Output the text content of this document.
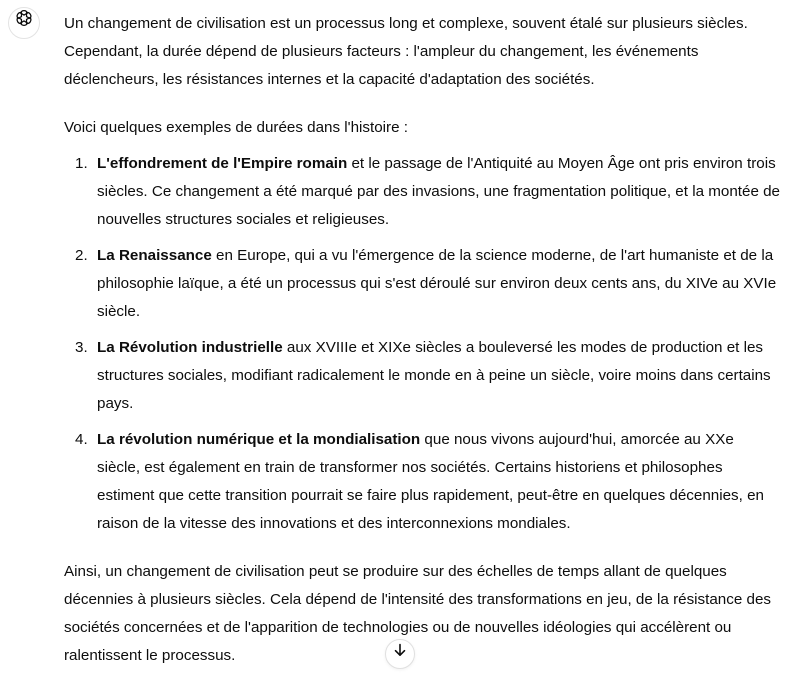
Un changement de civilisation est un processus long et complexe, souvent étalé sur plusieurs siècles. Cependant, la durée dépend de plusieurs facteurs : l'ampleur du changement, les événements déclencheurs, les résistances internes et la capacité d'adaptation des sociétés.

Voici quelques exemples de durées dans l'histoire :

1. L'effondrement de l'Empire romain et le passage de l'Antiquité au Moyen Âge ont pris environ trois siècles. Ce changement a été marqué par des invasions, une fragmentation politique, et la montée de nouvelles structures sociales et religieuses.
2. La Renaissance en Europe, qui a vu l'émergence de la science moderne, de l'art humaniste et de la philosophie laïque, a été un processus qui s'est déroulé sur environ deux cents ans, du XIVe au XVIe siècle.
3. La Révolution industrielle aux XVIIIe et XIXe siècles a bouleversé les modes de production et les structures sociales, modifiant radicalement le monde en à peine un siècle, voire moins dans certains pays.
4. La révolution numérique et la mondialisation que nous vivons aujourd'hui, amorcée au XXe siècle, est également en train de transformer nos sociétés. Certains historiens et philosophes estiment que cette transition pourrait se faire plus rapidement, peut-être en quelques décennies, en raison de la vitesse des innovations et des interconnexions mondiales.

Ainsi, un changement de civilisation peut se produire sur des échelles de temps allant de quelques décennies à plusieurs siècles. Cela dépend de l'intensité des transformations en jeu, de la résistance des sociétés concernées et de l'apparition de technologies ou de nouvelles idéologies qui accélèrent ou ralentissent le processus.
